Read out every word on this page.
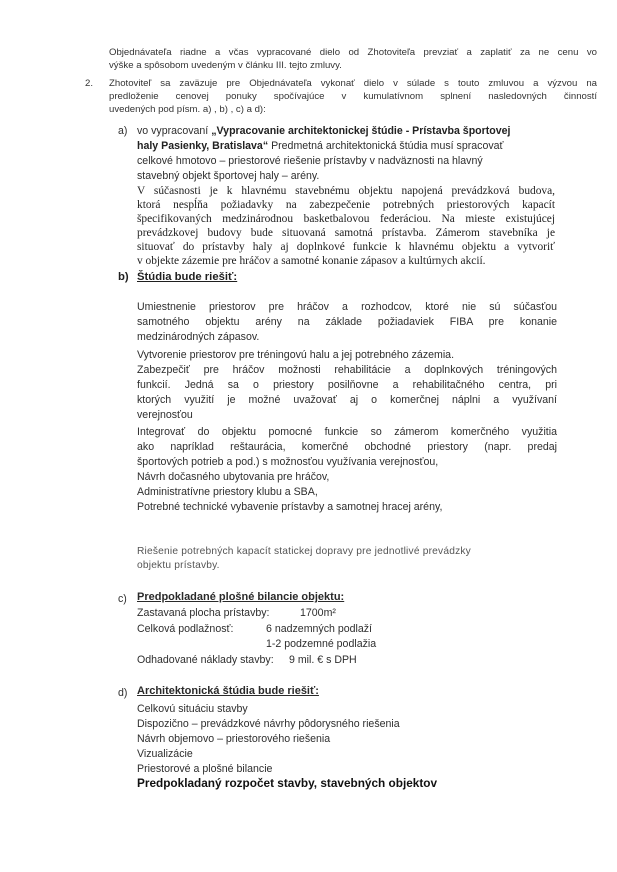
Objednávateľa riadne a včas vypracované dielo od Zhotoviteľa prevziať a zaplatiť za ne cenu vo
výške a spôsobom uvedeným v článku III. tejto zmluvy.
2. Zhotoviteľ sa zaväzuje pre Objednávateľa vykonať dielo v súlade s touto zmluvou a výzvou na
predloženie cenovej ponuky spočívajúce v kumulatívnom splnení nasledovných činností
uvedených pod písm. a) , b) , c) a d):
a) vo vypracovaní „Vypracovanie architektonickej štúdie - Prístavba športovej
haly Pasienky, Bratislava“ Predmetná architektonická štúdia musí spracovať
celkové hmotovo – priestorové riešenie prístavby v nadväznosti na hlavný
stavebný objekt športovej haly – arény.
V súčasnosti je k hlavnému stavebnému objektu napojená prevádzková budova,
ktorá nespĺňa požiadavky na zabezpečenie potrebných priestorových kapacít
špecifikovaných medzinárodnou basketbalovou federáciou. Na mieste existujúcej
prevádzkovej budovy bude situovaná samotná prístavba. Zámerom stavebníka je
situovať do prístavby haly aj doplnkové funkcie k hlavnému objektu a vytvoriť
v objekte zázemie pre hráčov a samotné konanie zápasov a kultúrnych akcií.
b) Štúdia bude riešiť:
Umiestnenie priestorov pre hráčov a rozhodcov, ktoré nie sú súčasťou
samotného objektu arény na základe požiadaviek FIBA pre konanie
medzinárodných zápasov.
Vytvorenie priestorov pre tréningovú halu a jej potrebného zázemia.
Zabezpečiť pre hráčov možnosti rehabilitácie a doplnkových tréningových
funkcií. Jedná sa o priestory posilňovne a rehabilitačného centra, pri
ktorých využití je možné uvažovať aj o komerčnej náplni a využívaní
verejnosťou
Integrovať do objektu pomocné funkcie so zámerom komerčného využitia
ako napríklad reštaurácia, komerčné obchodné priestory (napr. predaj
športových potrieb a pod.) s možnosťou využívania verejnosťou,
Návrh dočasného ubytovania pre hráčov,
Administratívne priestory klubu a SBA,
Potrebné technické vybavenie prístavby a samotnej hracej arény,
Riešenie potrebných kapacít statickej dopravy pre jednotlivé prevádzky
objektu prístavby.
c) Predpokladané plošné bilancie objektu:
Zastavaná plocha prístavby:	1700m²
Celková podlažnosť:	6 nadzemných podlaží
1-2 podzemné podlažia
Odhadované náklady stavby: 9 mil. € s DPH
d) Architektonická štúdia bude riešiť:
Celkovú situáciu stavby
Dispozično – prevádzkové návrhy pôdorysného riešenia
Návrh objemovo – priestorového riešenia
Vizualizácie
Priestorové a plošné bilancie
Predpokladaný rozpočet stavby, stavebných objektov
